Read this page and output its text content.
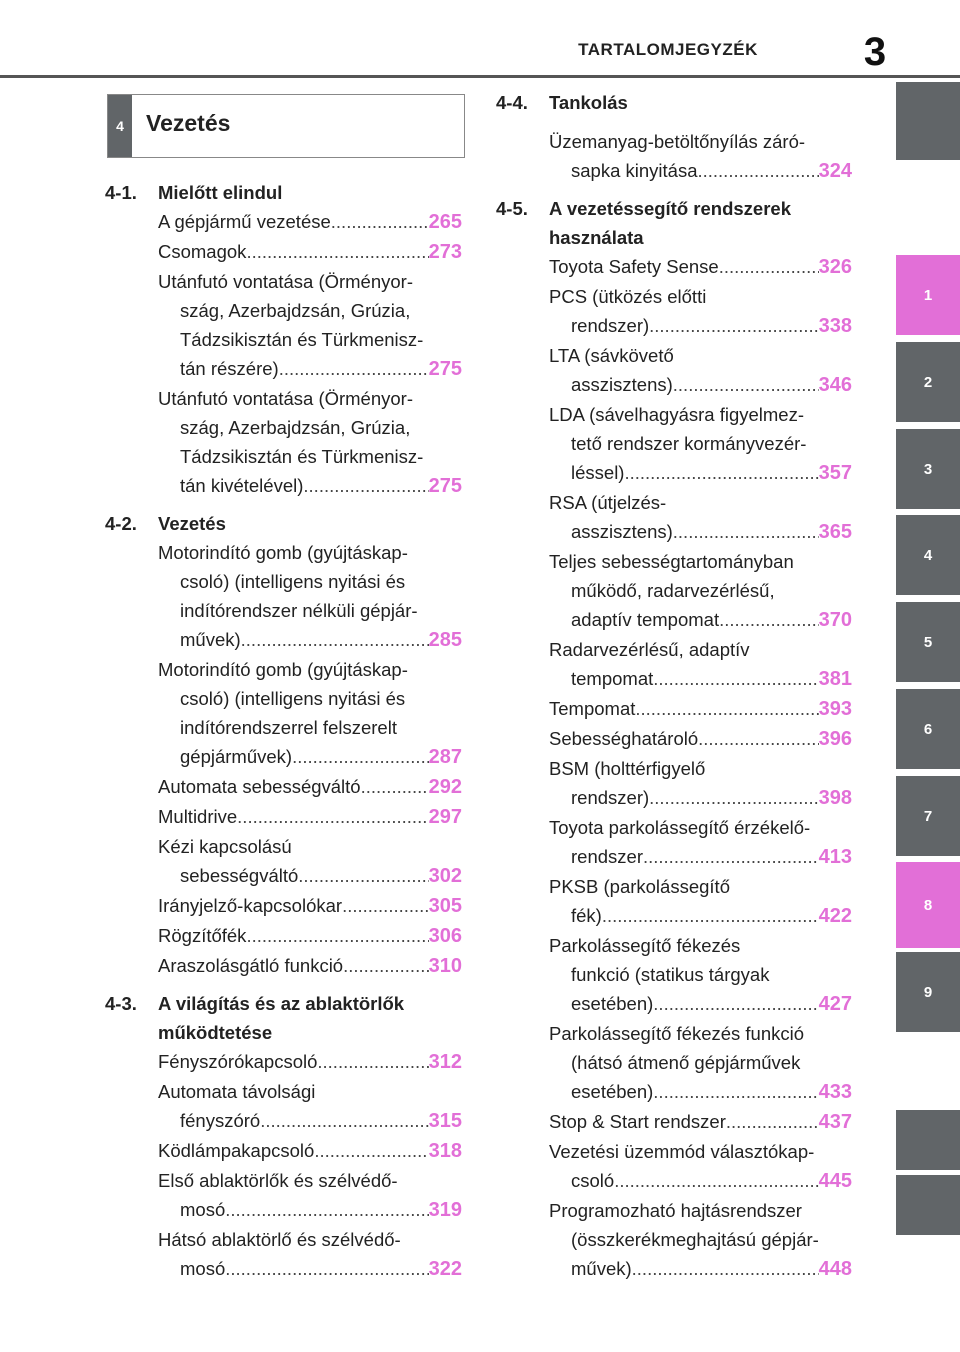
TARTALOMJEGYZÉK	3
1
2
3
4
5
6
7
8
9
4 Vezetés
4-1.	Mielőtt elindul
A gépjármű vezetése .....	265
Csomagok .....	273
Utánfutó vontatása (Örményor-
szág, Azerbajdzsán, Grúzia,
Tádzsikisztán és Türkmenisz-
tán részére) .....	275
Utánfutó vontatása (Örményor-
szág, Azerbajdzsán, Grúzia,
Tádzsikisztán és Türkmenisz-
tán kivételével) .....	275
4-2.	Vezetés
Motorindító gomb (gyújtáskap-
csoló) (intelligens nyitási és
indítórendszer nélküli gépjár-
művek) .....	285
Motorindító gomb (gyújtáskap-
csoló) (intelligens nyitási és
indítórendszerrel felszerelt
gépjárművek) .....	287
Automata sebességváltó .....	292
Multidrive .....	297
Kézi kapcsolású
sebességváltó .....	302
Irányjelző-kapcsolókar .....	305
Rögzítőfék .....	306
Araszolásgátló funkció .....	310
4-3.	A világítás és az ablaktörlők
működtetése
Fényszórókapcsoló .....	312
Automata távolsági
fényszóró .....	315
Ködlámpakapcsoló .....	318
Első ablaktörlők és szélvédő-
mosó .....	319
Hátsó ablaktörlő és szélvédő-
mosó .....	322
4-4.	Tankolás
Üzemanyag-betöltőnyílás záró-
sapka kinyitása .....	324
4-5.	A vezetéssegítő rendszerek
használata
Toyota Safety Sense .....	326
PCS (ütközés előtti
rendszer) .....	338
LTA (sávkövető
asszisztens) .....	346
LDA (sávelhagyásra figyelmez-
tető rendszer kormányvezér-
léssel) .....	357
RSA (útjelzés-
asszisztens) .....	365
Teljes sebességtartományban
működő, radarvezérlésű,
adaptív tempomat .....	370
Radarvezérlésű, adaptív
tempomat .....	381
Tempomat .....	393
Sebességhatároló .....	396
BSM (holttérfigyelő
rendszer) .....	398
Toyota parkolássegítő érzékelő-
rendszer .....	413
PKSB (parkolássegítő
fék) .....	422
Parkolássegítő fékezés
funkció (statikus tárgyak
esetében) .....	427
Parkolássegítő fékezés funkció
(hátsó átmenő gépjárművek
esetében) .....	433
Stop & Start rendszer .....	437
Vezetési üzemmód választókap-
csoló .....	445
Programozható hajtásrendszer
(összkerékmeghajtású gépjár-
művek) .....	448
